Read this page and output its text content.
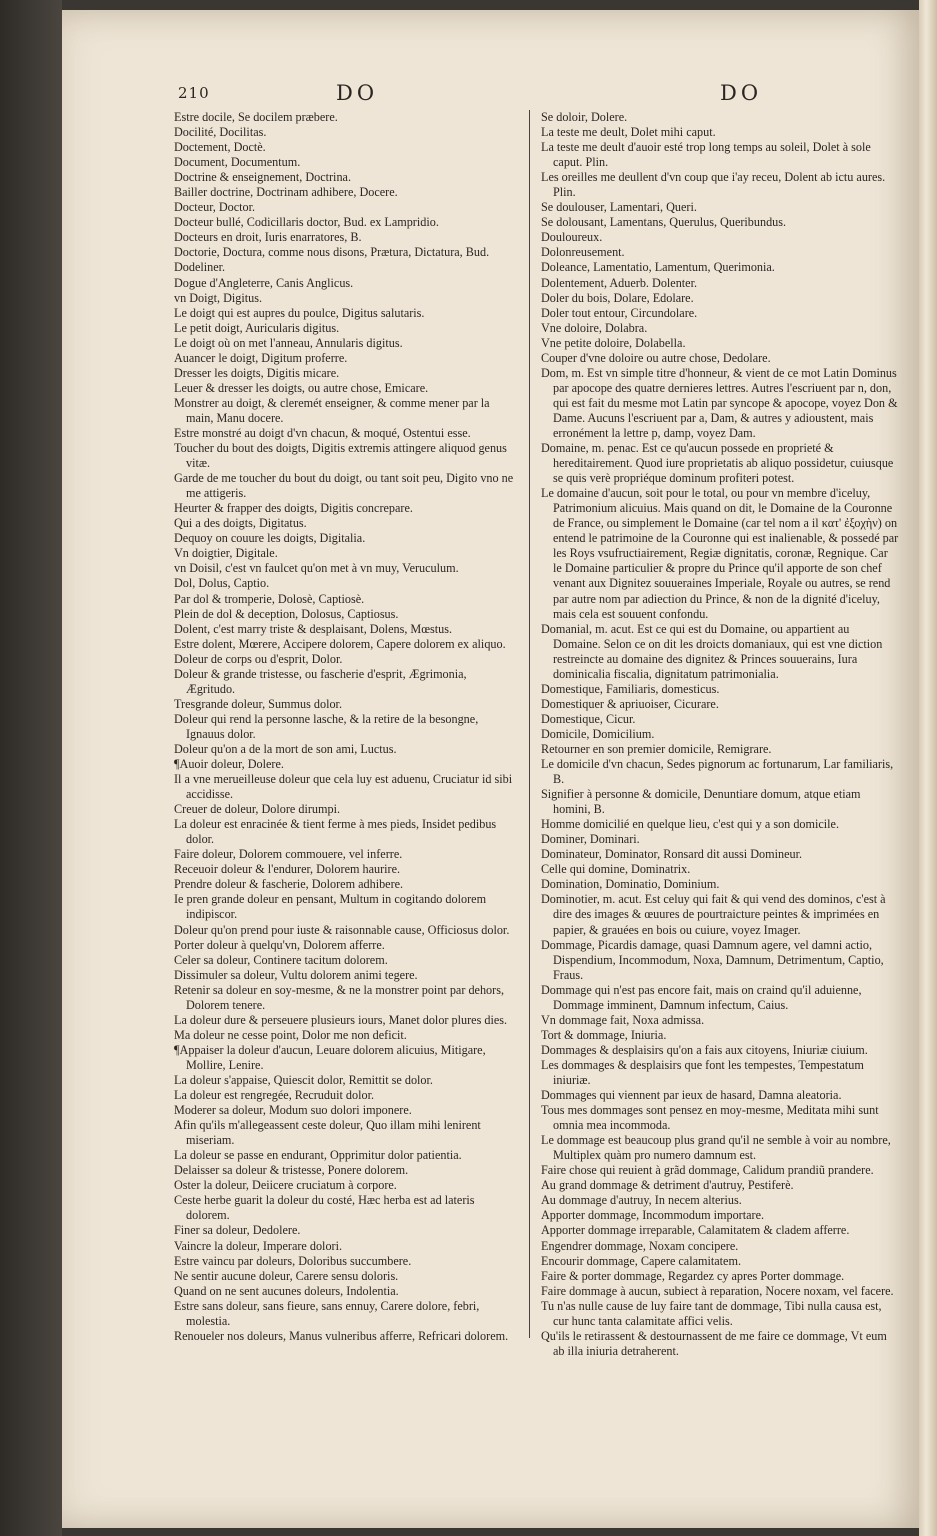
210	DO	DO

Estre docile, Se docilem præbere.

Docilité, Docilitas.

Doctement, Doctè.

Document, Documentum.

Doctrine & enseignement, Doctrina.

Bailler doctrine, Doctrinam adhibere, Docere.

Docteur, Doctor.

Docteur bullé, Codicillaris doctor, Bud. ex Lampridio.

Docteurs en droit, Iuris enarratores, B.

Doctorie, Doctura, comme nous disons, Præturа, Dictatura, Bud.

Dodeliner.

Dogue d'Angleterre, Canis Anglicus.

vn Doigt, Digitus.

Le doigt qui est aupres du poulce, Digitus salutaris.

Le petit doigt, Auricularis digitus.

Le doigt où on met l'anneau, Annularis digitus.

Auancer le doigt, Digitum proferre.

Dresser les doigts, Digitis micare.

Leuer & dresser les doigts, ou autre chose, Emicare.

Monstrer au doigt, & cleremét enseigner, & comme mener par la main, Manu docere.

Estre monstré au doigt d'vn chacun, & moqué, Ostentui esse.

Toucher du bout des doigts, Digitis extremis attingere aliquod genus vitæ.

Garde de me toucher du bout du doigt, ou tant soit peu, Digito vno ne me attigeris.

Heurter & frapper des doigts, Digitis concrepare.

Qui a des doigts, Digitatus.

Dequoy on couure les doigts, Digitalia.

Vn doigtier, Digitale.

vn Doisil, c'est vn faulcet qu'on met à vn muy, Veruculum.

Dol, Dolus, Captio.

Par dol & tromperie, Dolosè, Captiosè.

Plein de dol & deception, Dolosus, Captiosus.

Dolent, c'est marry triste & desplaisant, Dolens, Mœstus.

Estre dolent, Mœrere, Accipere dolorem, Capere dolorem ex aliquo.

Doleur de corps ou d'esprit, Dolor.

Doleur & grande tristesse, ou fascherie d'esprit, Ægrimonia, Ægritudo.

Tresgrande doleur, Summus dolor.

Doleur qui rend la personne lasche, & la retire de la besongne, Ignauus dolor.

Doleur qu'on a de la mort de son ami, Luctus.

¶Auoir doleur, Dolere.

Il a vne merueilleuse doleur que cela luy est aduenu, Cruciatur id sibi accidisse.

Creuer de doleur, Dolore dirumpi.

La doleur est enracinée & tient ferme à mes pieds, Insidet pedibus dolor.

Faire doleur, Dolorem commouere, vel inferre.

Receuoir doleur & l'endurer, Dolorem haurire.

Prendre doleur & fascherie, Dolorem adhibere.

Ie pren grande doleur en pensant, Multum in cogitando dolorem indipiscor.

Doleur qu'on prend pour iuste & raisonnable cause, Officiosus dolor.

Porter doleur à quelqu'vn, Dolorem afferre.

Celer sa doleur, Continere tacitum dolorem.

Dissimuler sa doleur, Vultu dolorem animi tegere.

Retenir sa doleur en soy-mesme, & ne la monstrer point par dehors, Dolorem tenere.

La doleur dure & perseuere plusieurs iours, Manet dolor plures dies.

Ma doleur ne cesse point, Dolor me non deficit.

¶Appaiser la doleur d'aucun, Leuare dolorem alicuius, Mitigare, Mollire, Lenire.

La doleur s'appaise, Quiescit dolor, Remittit se dolor.

La doleur est rengregée, Recruduit dolor.

Moderer sa doleur, Modum suo dolori imponere.

Afin qu'ils m'allegeassent ceste doleur, Quo illam mihi lenirent miseriam.

La doleur se passe en endurant, Opprimitur dolor patientia.

Delaisser sa doleur & tristesse, Ponere dolorem.

Oster la doleur, Deiicere cruciatum à corpore.

Ceste herbe guarit la doleur du costé, Hæc herba est ad lateris dolorem.

Finer sa doleur, Dedolere.

Vaincre la doleur, Imperare dolori.

Estre vaincu par doleurs, Doloribus succumbere.

Ne sentir aucune doleur, Carere sensu doloris.

Quand on ne sent aucunes doleurs, Indolentia.

Estre sans doleur, sans fieure, sans ennuy, Carere dolore, febri, molestia.

Renoueler nos doleurs, Manus vulneribus afferre, Refricari dolorem.

Se doloir, Dolere.

La teste me deult, Dolet mihi caput.

La teste me deult d'auoir esté trop long temps au soleil, Dolet à sole caput. Plin.

Les oreilles me deullent d'vn coup que i'ay receu, Dolent ab ictu aures. Plin.

Se doulouser, Lamentari, Queri.

Se dolousant, Lamentans, Querulus, Queribundus.

Douloureux.

Dolonreusement.

Doleance, Lamentatio, Lamentum, Querimonia.

Dolentement, Aduerb. Dolenter.

Doler du bois, Dolare, Edolare.

Doler tout entour, Circundolare.

Vne doloire, Dolabra.

Vne petite doloire, Dolabella.

Couper d'vne doloire ou autre chose, Dedolare.

Dom, m. Est vn simple titre d'honneur, & vient de ce mot Latin Dominus par apocope des quatre dernieres lettres. Autres l'escriuent par n, don, qui est fait du mesme mot Latin par syncope & apocope, voyez Don & Dame. Aucuns l'escriuent par a, Dam, & autres y adioustent, mais erronément la lettre p, damp, voyez Dam.

Domaine, m. penac. Est ce qu'aucun possede en proprieté & hereditairement. Quod iure proprietatis ab aliquo possidetur, cuiusque se quis verè propriéque dominum profiteri potest.

Le domaine d'aucun, soit pour le total, ou pour vn membre d'iceluy, Patrimonium alicuius. Mais quand on dit, le Domaine de la Couronne de France, ou simplement le Domaine (car tel nom a il κατ' ἐξοχὴν) on entend le patrimoine de la Couronne qui est inalienable, & possedé par les Roys vsufructiairement, Regiæ dignitatis, coronæ, Regnique. Car le Domaine particulier & propre du Prince qu'il apporte de son chef venant aux Dignitez souueraines Imperiale, Royale ou autres, se rend par autre nom par adiection du Prince, & non de la dignité d'iceluy, mais cela est souuent confondu.

Domanial, m. acut. Est ce qui est du Domaine, ou appartient au Domaine. Selon ce on dit les droicts domaniaux, qui est vne diction restreincte au domaine des dignitez & Princes souuerains, Iura dominicalia fiscalia, dignitatum patrimonialia.

Domestique, Familiaris, domesticus.

Domestiquer & apriuoiser, Cicurare.

Domestique, Cicur.

Domicile, Domicilium.

Retourner en son premier domicile, Remigrare.

Le domicile d'vn chacun, Sedes pignorum ac fortunarum, Lar familiaris, B.

Signifier à personne & domicile, Denuntiare domum, atque etiam homini, B.

Homme domicilié en quelque lieu, c'est qui y a son domicile.

Dominer, Dominari.

Dominateur, Dominator, Ronsard dit aussi Domineur.

Celle qui domine, Dominatrix.

Domination, Dominatio, Dominium.

Dominotier, m. acut. Est celuy qui fait & qui vend des dominos, c'est à dire des images & œuures de pourtraicture peintes & imprimées en papier, & grauées en bois ou cuiure, voyez Imager.

Dommage, Picardis damage, quasi Damnum agere, vel damni actio, Dispendium, Incommodum, Noxa, Damnum, Detrimentum, Captio, Fraus.

Dommage qui n'est pas encore fait, mais on craind qu'il aduienne, Dommage imminent, Damnum infectum, Caius.

Vn dommage fait, Noxa admissa.

Tort & dommage, Iniuria.

Dommages & desplaisirs qu'on a fais aux citoyens, Iniuriæ ciuium.

Les dommages & desplaisirs que font les tempestes, Tempestatum iniuriæ.

Dommages qui viennent par ieux de hasard, Damna aleatoria.

Tous mes dommages sont pensez en moy-mesme, Meditata mihi sunt omnia mea incommoda.

Le dommage est beaucoup plus grand qu'il ne semble à voir au nombre, Multiplex quàm pro numero damnum est.

Faire chose qui reuient à grãd dommage, Calidum prandiũ prandere.

Au grand dommage & detriment d'autruy, Pestiferè.

Au dommage d'autruy, In necem alterius.

Apporter dommage, Incommodum importare.

Apporter dommage irreparable, Calamitatem & cladem afferre.

Engendrer dommage, Noxam concipere.

Encourir dommage, Capere calamitatem.

Faire & porter dommage, Regardez cy apres Porter dommage.

Faire dommage à aucun, subiect à reparation, Nocere noxam, vel facere.

Tu n'as nulle cause de luy faire tant de dommage, Tibi nulla causa est, cur hunc tanta calamitate affici velis.

Qu'ils le retirassent & destournassent de me faire ce dommage, Vt eum ab illa iniuria detraherent.
